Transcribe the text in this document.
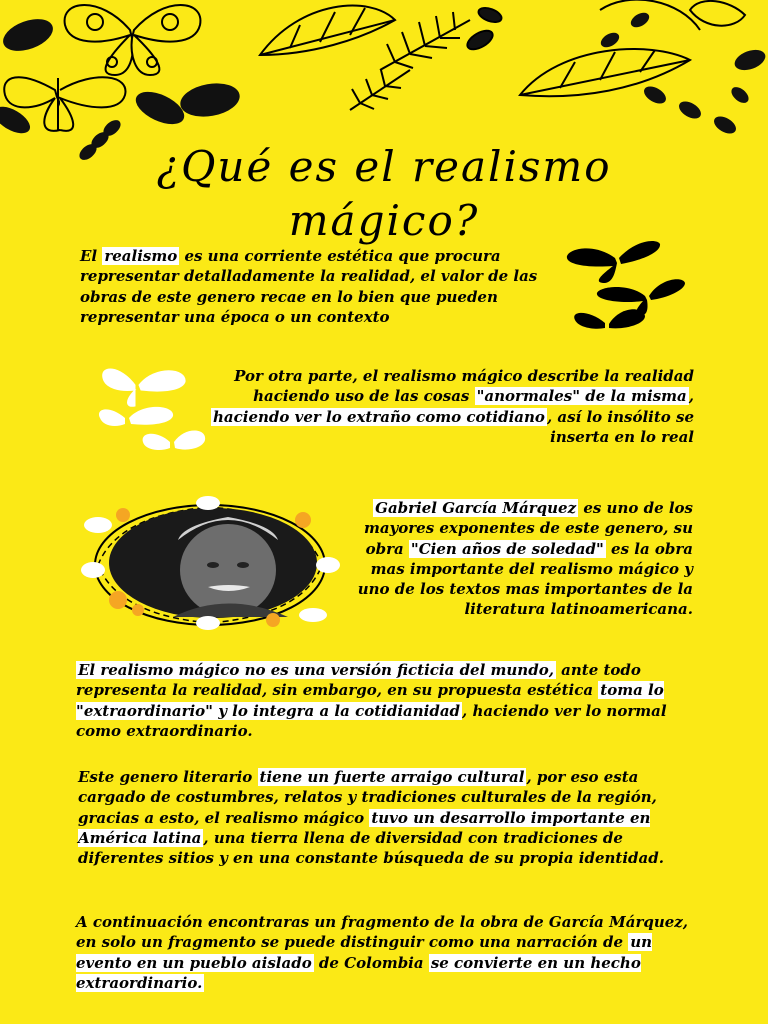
¿Qué es el realismo
mágico?

El realismo es una corriente estética que procura representar detalladamente la realidad, el valor de las obras de este genero recae en lo bien que pueden representar una época o un contexto

Por otra parte, el realismo mágico describe la realidad haciendo uso de las cosas "anormales" de la misma , haciendo ver lo extraño como cotidiano , así lo insólito se inserta en lo real

Gabriel García Márquez es uno de los mayores exponentes de este genero, su obra "Cien años de soledad" es la obra mas importante del realismo mágico y uno de los textos mas importantes de la literatura latinoamericana.

El realismo mágico no es una versión ficticia del mundo, ante todo representa la realidad, sin embargo, en su propuesta estética toma lo "extraordinario" y lo integra a la cotidianidad , haciendo ver lo normal como extraordinario.

Este genero literario tiene un fuerte arraigo cultural , por eso esta cargado de costumbres, relatos y tradiciones culturales de la región, gracias a esto, el realismo mágico tuvo un desarrollo importante en América latina , una tierra llena de diversidad con tradiciones de diferentes sitios y en una constante búsqueda de su propia identidad.

A continuación encontraras un fragmento de la obra de García Márquez, en solo un fragmento se puede distinguir como una narración de un evento en un pueblo aislado de Colombia se convierte en un hecho extraordinario.
